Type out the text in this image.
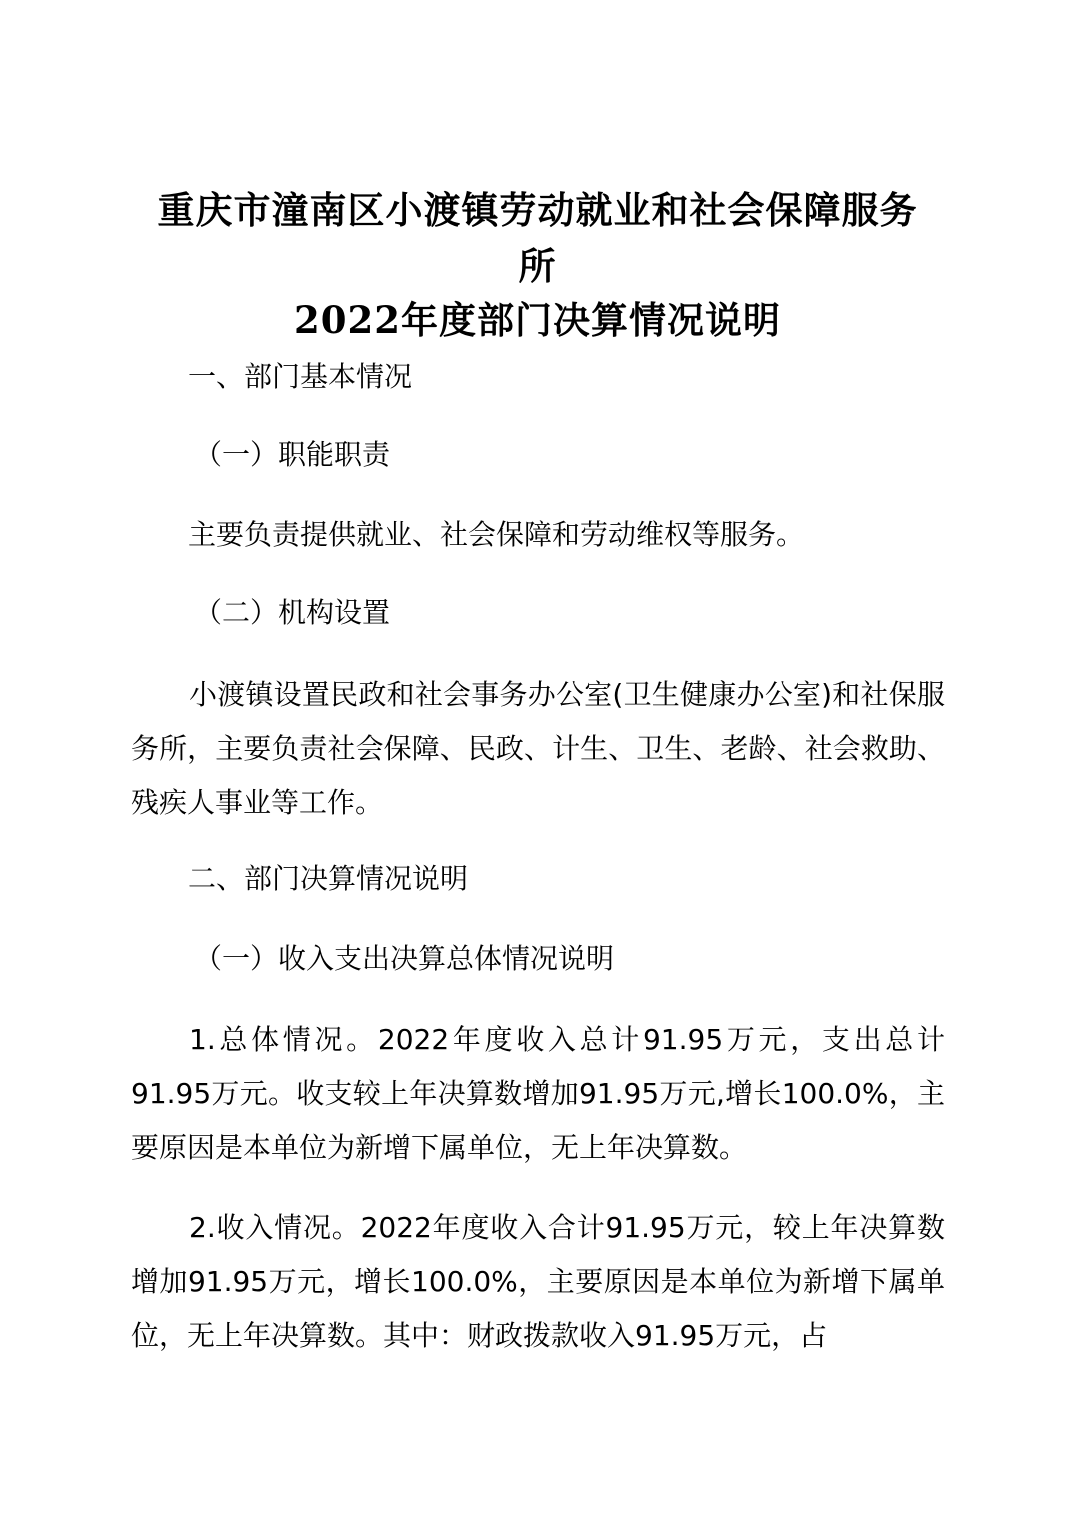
重庆市潼南区小渡镇劳动就业和社会保障服务
所
2022年度部门决算情况说明
一、部门基本情况
（一）职能职责
主要负责提供就业、社会保障和劳动维权等服务。
（二）机构设置
小渡镇设置民政和社会事务办公室(卫生健康办公室)和社保服务所，主要负责社会保障、民政、计生、卫生、老龄、社会救助、残疾人事业等工作。
二、部门决算情况说明
（一）收入支出决算总体情况说明
1.总体情况。2022年度收入总计91.95万元，支出总计91.95万元。收支较上年决算数增加91.95万元,增长100.0%，主要原因是本单位为新增下属单位，无上年决算数。
2.收入情况。2022年度收入合计91.95万元，较上年决算数增加91.95万元，增长100.0%，主要原因是本单位为新增下属单位，无上年决算数。其中：财政拨款收入91.95万元，占
